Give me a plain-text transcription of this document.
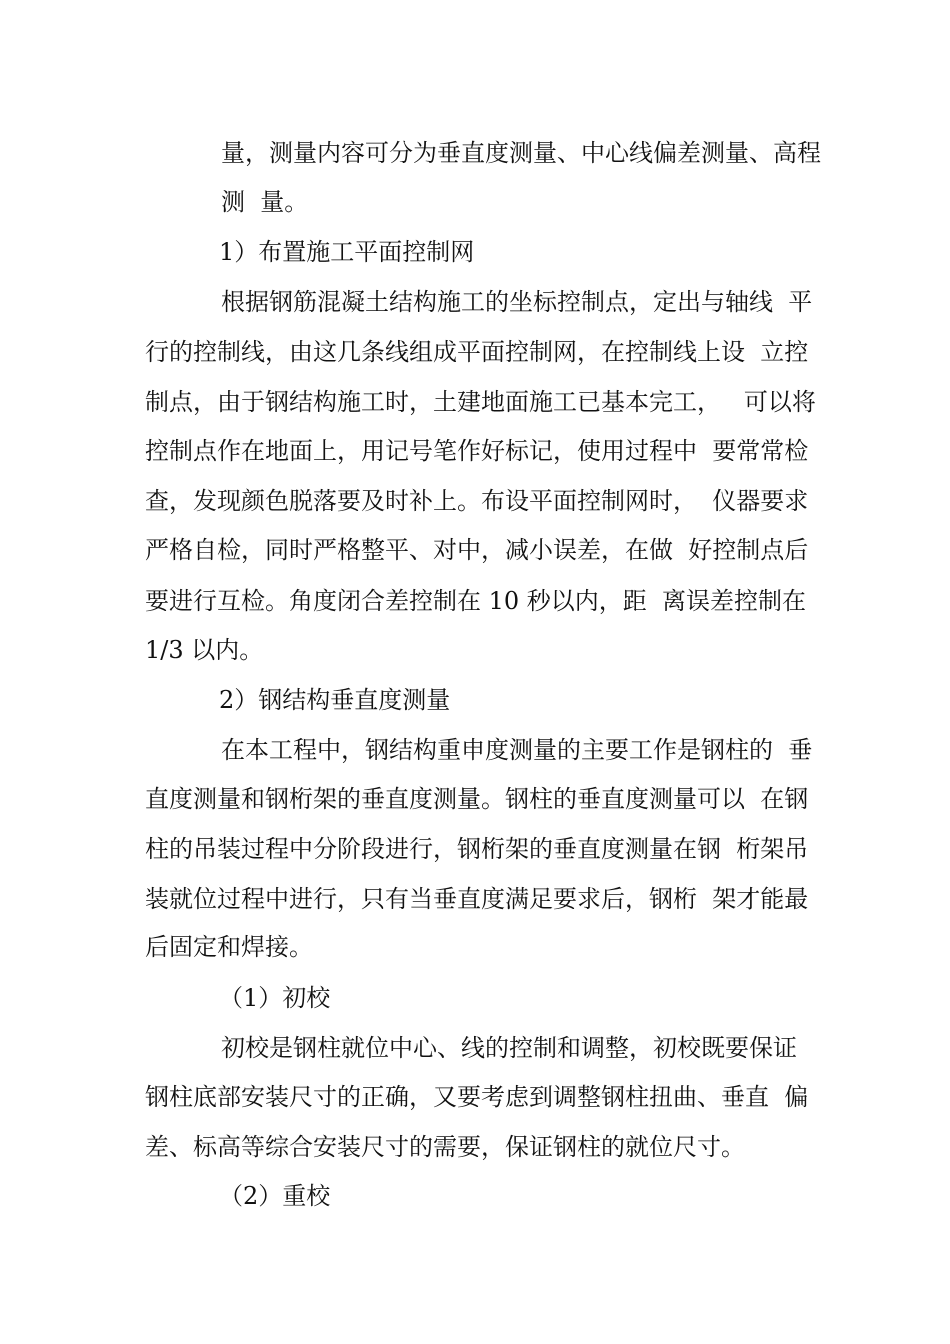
量，测量内容可分为垂直度测量、中心线偏差测量、高程
测  量。
1）布置施工平面控制网
根据钢筋混凝土结构施工的坐标控制点，定出与轴线  平
行的控制线，由这几条线组成平面控制网，在控制线上设  立控
制点，由于钢结构施工时，土建地面施工已基本完工，   可以将
控制点作在地面上，用记号笔作好标记，使用过程中  要常常检
查，发现颜色脱落要及时补上。布设平面控制网时，  仪器要求
严格自检，同时严格整平、对中，减小误差，在做  好控制点后
要进行互检。角度闭合差控制在 10 秒以内，距  离误差控制在
1/3 以内。
2）钢结构垂直度测量
在本工程中，钢结构重申度测量的主要工作是钢柱的  垂
直度测量和钢桁架的垂直度测量。钢柱的垂直度测量可以  在钢
柱的吊装过程中分阶段进行，钢桁架的垂直度测量在钢  桁架吊
装就位过程中进行，只有当垂直度满足要求后，钢桁  架才能最
后固定和焊接。
（1）初校
初校是钢柱就位中心、线的控制和调整，初校既要保证
钢柱底部安装尺寸的正确，又要考虑到调整钢柱扭曲、垂直  偏
差、标高等综合安装尺寸的需要，保证钢柱的就位尺寸。
（2）重校
